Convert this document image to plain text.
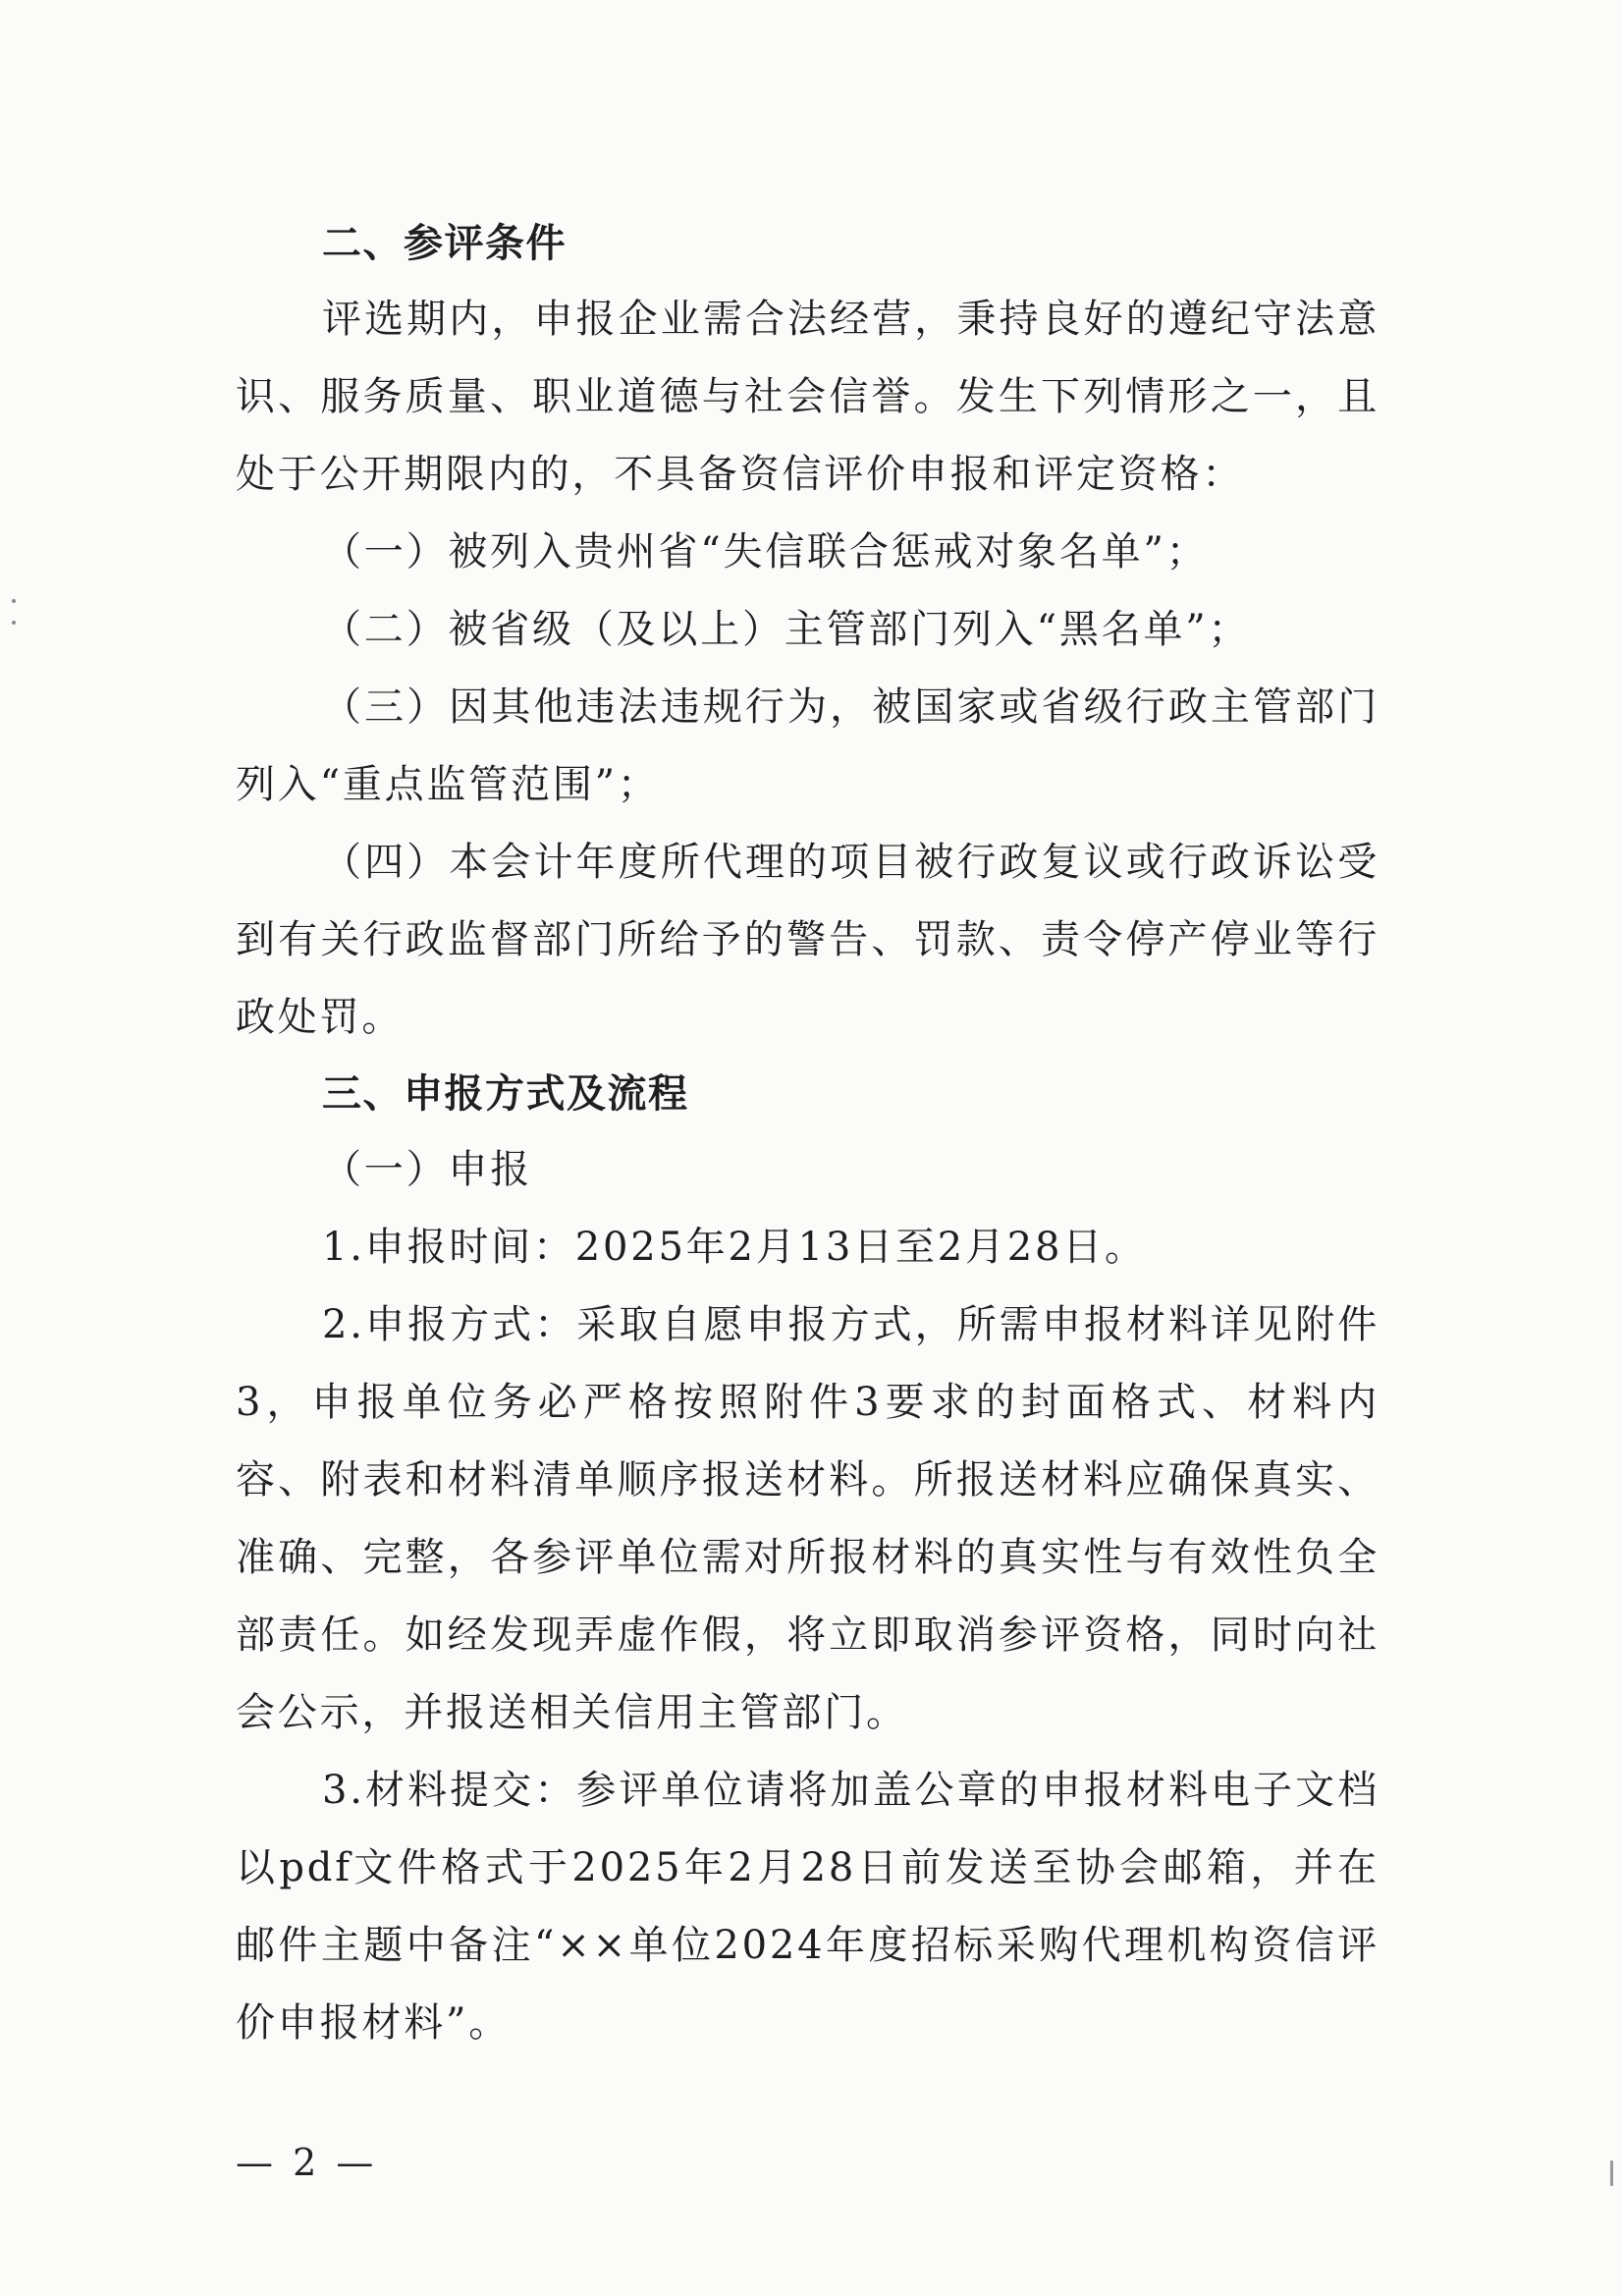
二、参评条件

评选期内，申报企业需合法经营，秉持良好的遵纪守法意识、服务质量、职业道德与社会信誉。发生下列情形之一，且处于公开期限内的，不具备资信评价申报和评定资格：

（一）被列入贵州省“失信联合惩戒对象名单”；

（二）被省级（及以上）主管部门列入“黑名单”；

（三）因其他违法违规行为，被国家或省级行政主管部门列入“重点监管范围”；

（四）本会计年度所代理的项目被行政复议或行政诉讼受到有关行政监督部门所给予的警告、罚款、责令停产停业等行政处罚。

三、申报方式及流程

（一）申报

1.申报时间：2025年2月13日至2月28日。

2.申报方式：采取自愿申报方式，所需申报材料详见附件3，申报单位务必严格按照附件3要求的封面格式、材料内容、附表和材料清单顺序报送材料。所报送材料应确保真实、准确、完整，各参评单位需对所报材料的真实性与有效性负全部责任。如经发现弄虚作假，将立即取消参评资格，同时向社会公示，并报送相关信用主管部门。

3.材料提交：参评单位请将加盖公章的申报材料电子文档以pdf文件格式于2025年2月28日前发送至协会邮箱，并在邮件主题中备注“××单位2024年度招标采购代理机构资信评价申报材料”。

— 2 —
